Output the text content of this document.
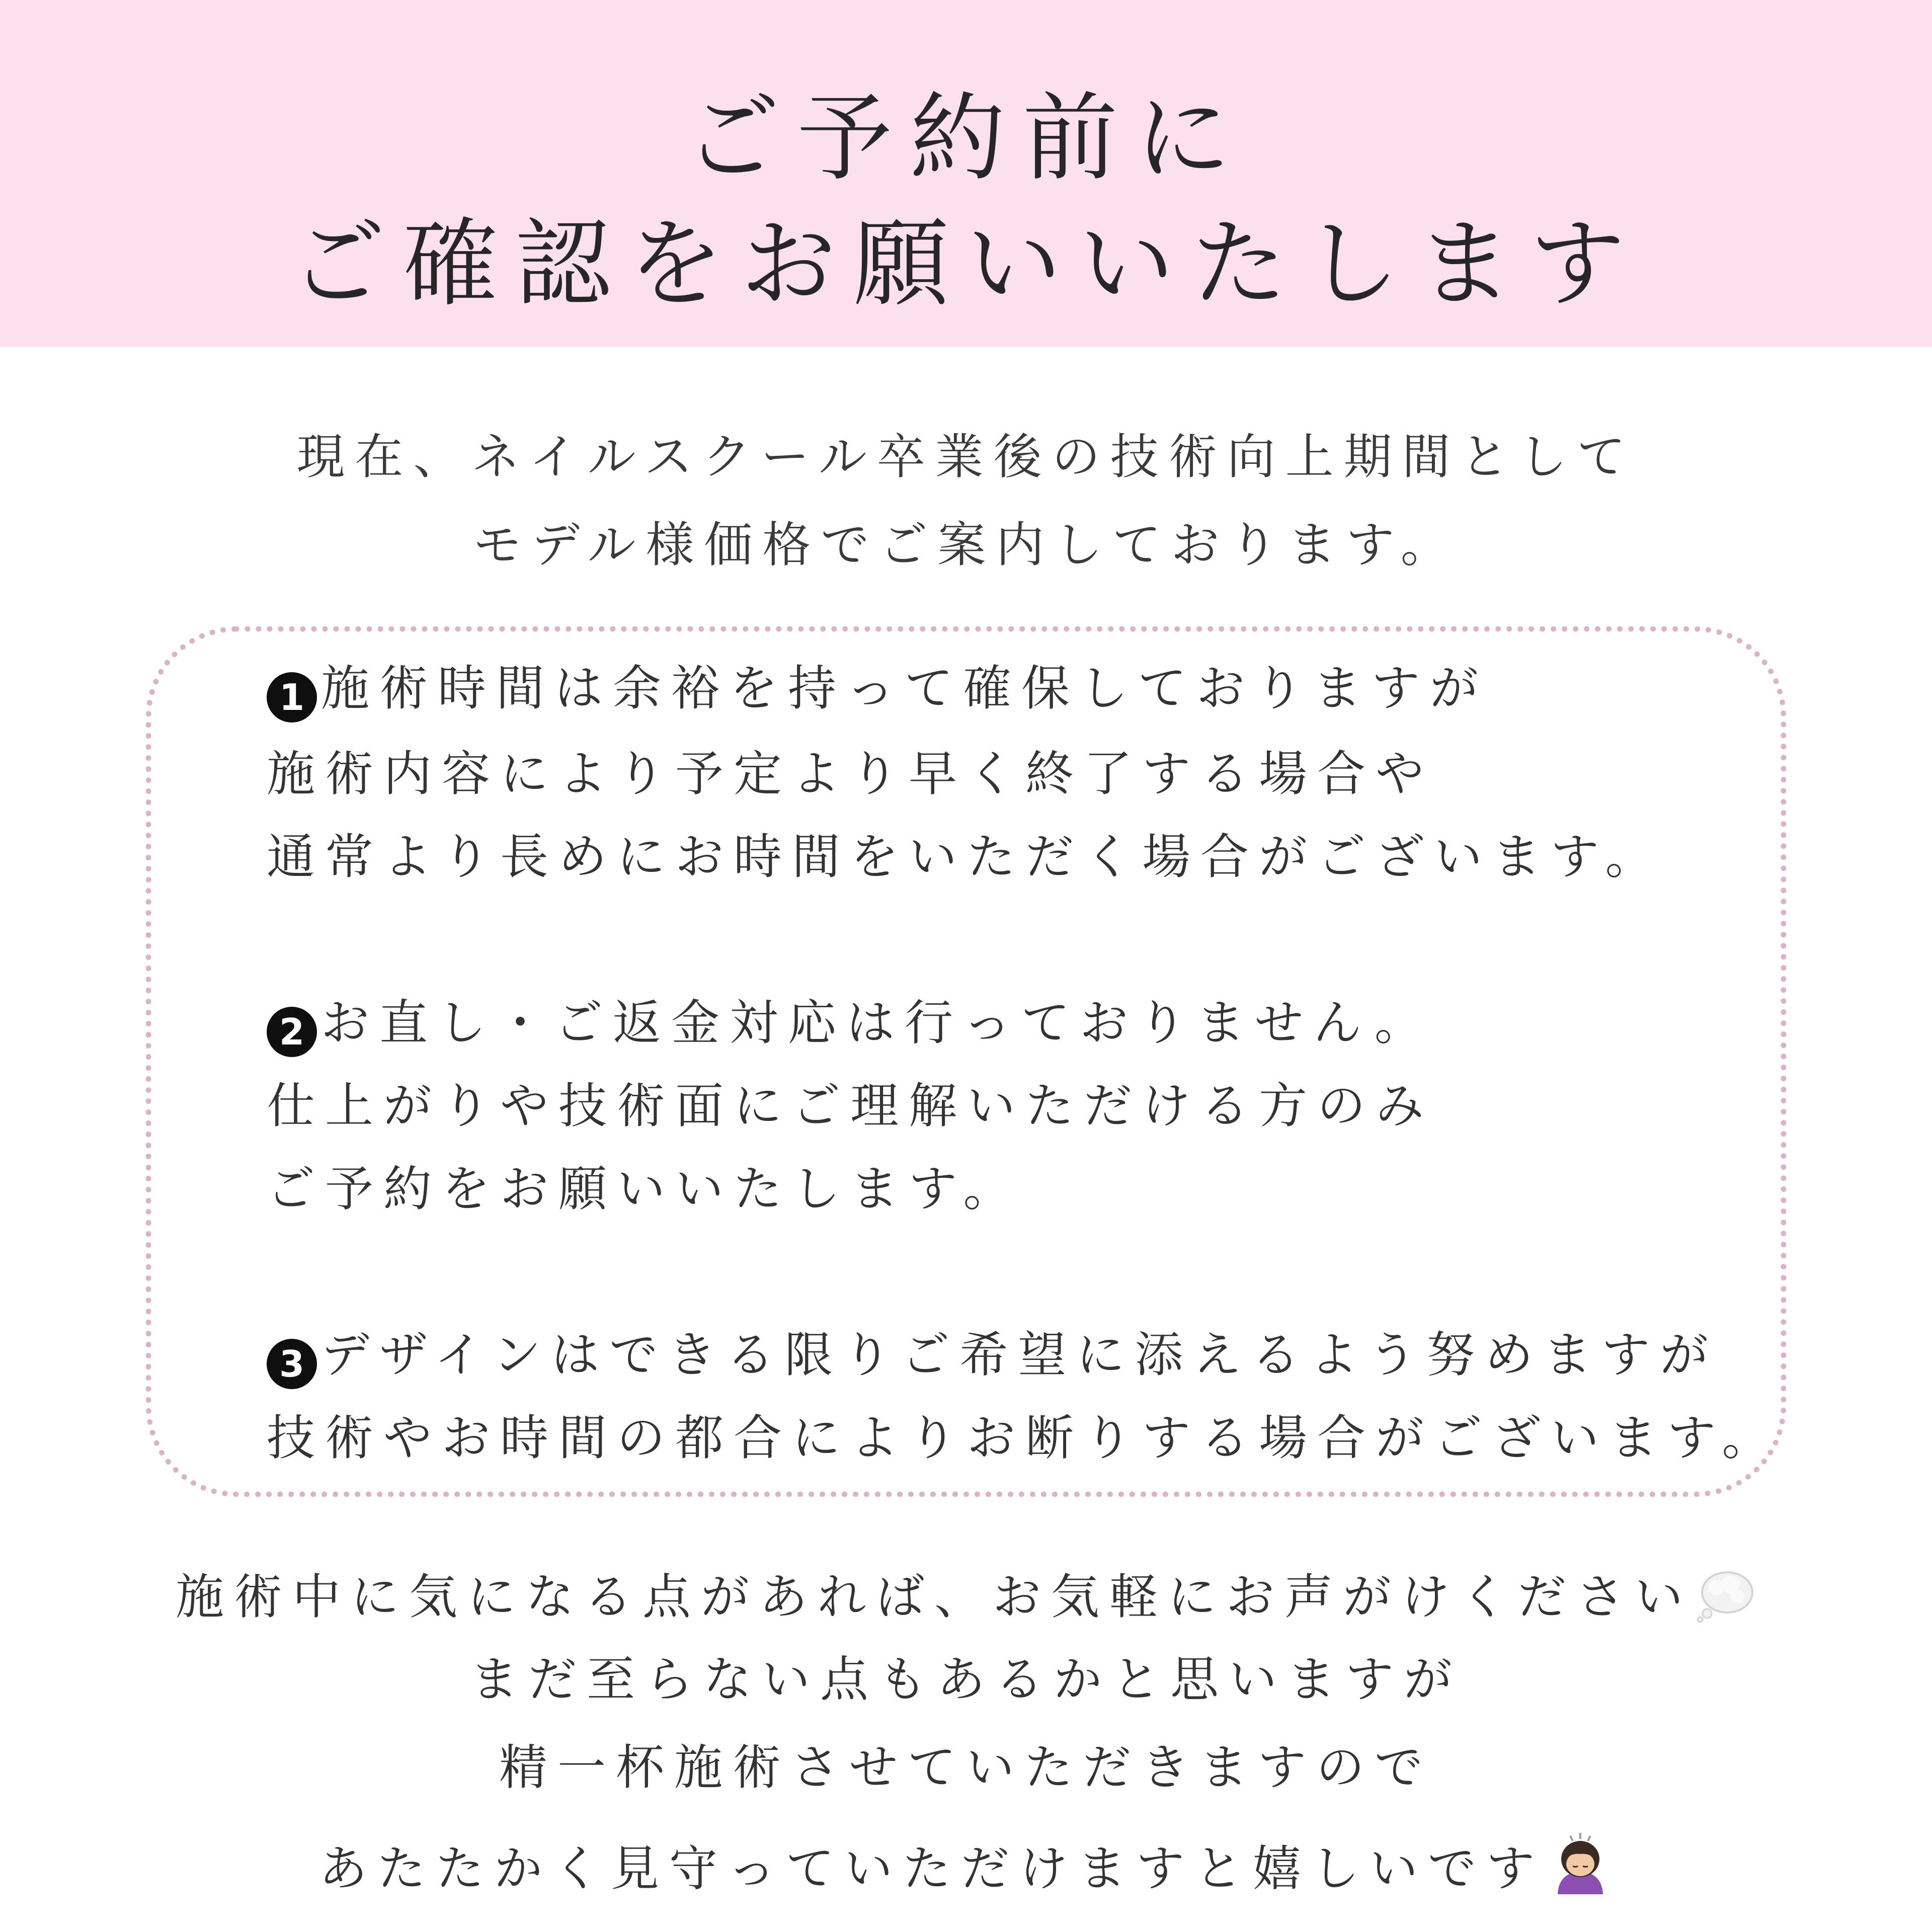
ご予約前に
ご確認をお願いいたします
現在、ネイルスクール卒業後の技術向上期間として
モデル様価格でご案内しております。
1 施術時間は余裕を持って確保しておりますが
施術内容により予定より早く終了する場合や
通常より長めにお時間をいただく場合がございます。
2 お直し・ご返金対応は行っておりません。
仕上がりや技術面にご理解いただける方のみ
ご予約をお願いいたします。
3 デザインはできる限りご希望に添えるよう努めますが
技術やお時間の都合によりお断りする場合がございます。
施術中に気になる点があれば、お気軽にお声がけください
まだ至らない点もあるかと思いますが
精一杯施術させていただきますので
あたたかく見守っていただけますと嬉しいです
